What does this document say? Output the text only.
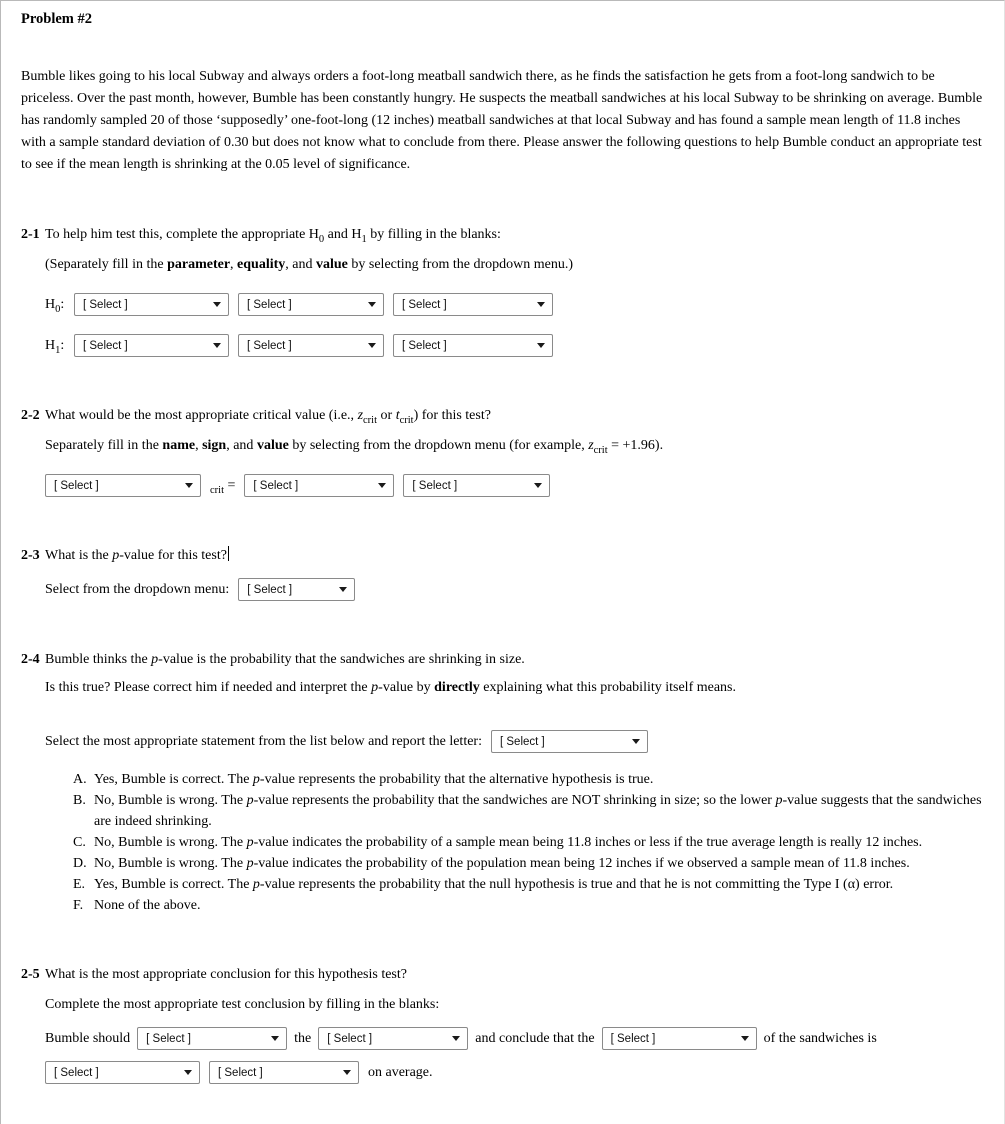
Problem #2

Bumble likes going to his local Subway and always orders a foot-long meatball sandwich there, as he finds the satisfaction he gets from a foot-long sandwich to be priceless. Over the past month, however, Bumble has been constantly hungry. He suspects the meatball sandwiches at his local Subway to be shrinking on average. Bumble has randomly sampled 20 of those ‘supposedly’ one-foot-long (12 inches) meatball sandwiches at that local Subway and has found a sample mean length of 11.8 inches with a sample standard deviation of 0.30 but does not know what to conclude from there. Please answer the following questions to help Bumble conduct an appropriate test to see if the mean length is shrinking at the 0.05 level of significance.

2-1 To help him test this, complete the appropriate $H_0$ and $H_1$ by filling in the blanks:

(Separately fill in the parameter, equality, and value by selecting from the dropdown menu.)

$H_0$: [ Select ]	[ Select ]	[ Select ]
$H_1$: [ Select ]	[ Select ]	[ Select ]
2-2 What would be the most appropriate critical value (i.e., $z_{crit}$ or $t_{crit}$) for this test?

Separately fill in the name, sign, and value by selecting from the dropdown menu (for example, $z_{crit} = +1.96$).

[ Select ]	$_{crit}$ = [ Select ]	[ Select ]
2-3 What is the p-value for this test?
Select from the dropdown menu: [ Select ]
2-4 Bumble thinks the p-value is the probability that the sandwiches are shrinking in size.

Is this true? Please correct him if needed and interpret the p-value by directly explaining what this probability itself means.

Select the most appropriate statement from the list below and report the letter: [ Select ]
A. Yes, Bumble is correct. The p-value represents the probability that the alternative hypothesis is true.
B. No, Bumble is wrong. The p-value represents the probability that the sandwiches are NOT shrinking in size; so the lower p-value suggests that the sandwiches are indeed shrinking.
C. No, Bumble is wrong. The p-value indicates the probability of a sample mean being 11.8 inches or less if the true average length is really 12 inches.
D. No, Bumble is wrong. The p-value indicates the probability of the population mean being 12 inches if we observed a sample mean of 11.8 inches.
E. Yes, Bumble is correct. The p-value represents the probability that the null hypothesis is true and that he is not committing the Type I (α) error.
F. None of the above.
2-5 What is the most appropriate conclusion for this hypothesis test?

Complete the most appropriate test conclusion by filling in the blanks:

Bumble should [ Select ]	the [ Select ]	and conclude that the [ Select ]	of the sandwiches is
[ Select ]	[ Select ]	on average.
